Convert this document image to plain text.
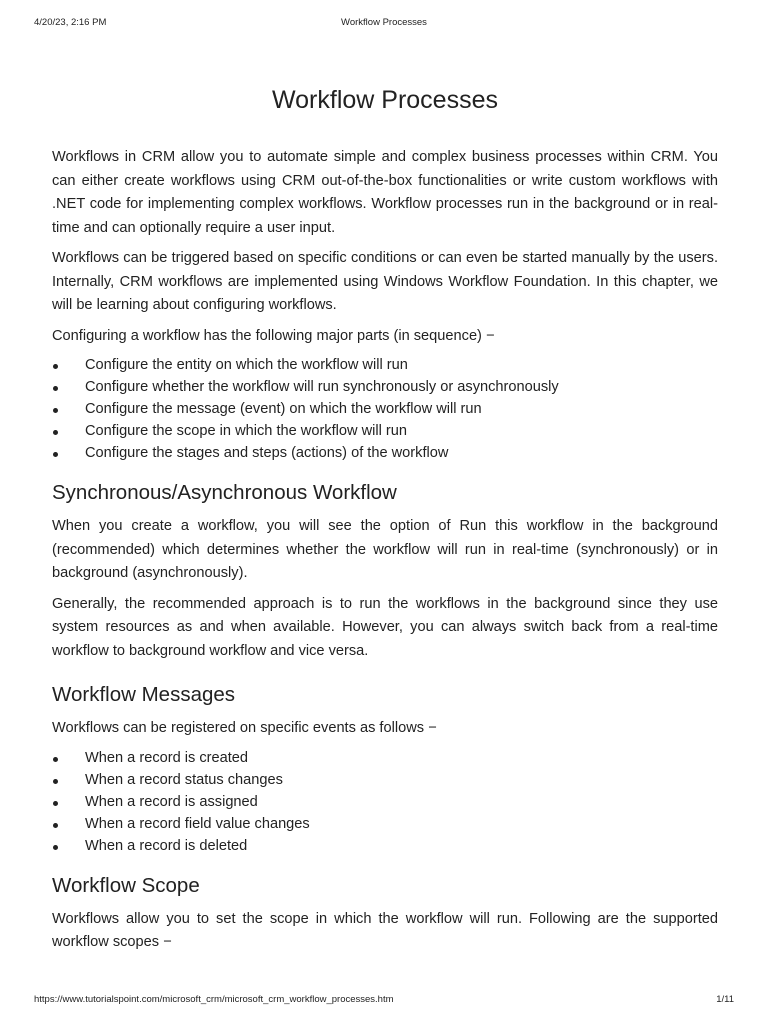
4/20/23, 2:16 PM	Workflow Processes
Workflow Processes

Workflows in CRM allow you to automate simple and complex business processes within CRM. You can either create workflows using CRM out-of-the-box functionalities or write custom workflows with .NET code for implementing complex workflows. Workflow processes run in the background or in real-time and can optionally require a user input.

Workflows can be triggered based on specific conditions or can even be started manually by the users. Internally, CRM workflows are implemented using Windows Workflow Foundation. In this chapter, we will be learning about configuring workflows.

Configuring a workflow has the following major parts (in sequence) −

Configure the entity on which the workflow will run
Configure whether the workflow will run synchronously or asynchronously
Configure the message (event) on which the workflow will run
Configure the scope in which the workflow will run
Configure the stages and steps (actions) of the workflow
Synchronous/Asynchronous Workflow

When you create a workflow, you will see the option of Run this workflow in the background (recommended) which determines whether the workflow will run in real-time (synchronously) or in background (asynchronously).

Generally, the recommended approach is to run the workflows in the background since they use system resources as and when available. However, you can always switch back from a real-time workflow to background workflow and vice versa.

Workflow Messages

Workflows can be registered on specific events as follows −

When a record is created
When a record status changes
When a record is assigned
When a record field value changes
When a record is deleted
Workflow Scope

Workflows allow you to set the scope in which the workflow will run. Following are the supported workflow scopes −

https://www.tutorialspoint.com/microsoft_crm/microsoft_crm_workflow_processes.htm	1/11
